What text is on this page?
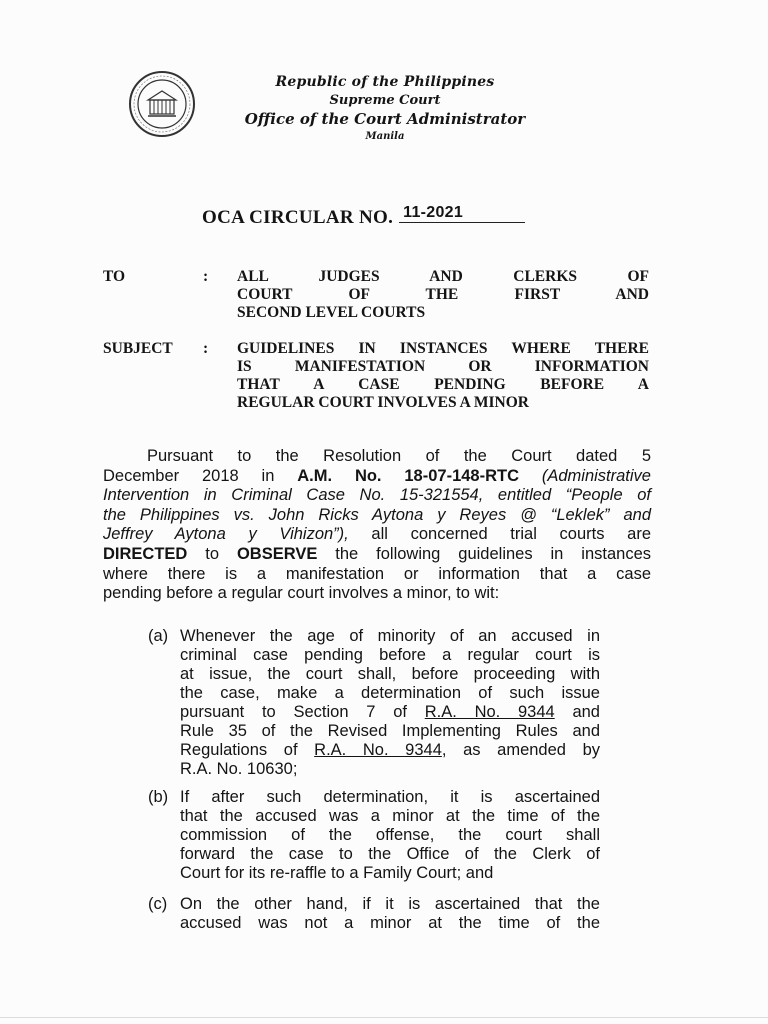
Republic of the Philippines
Supreme Court
Office of the Court Administrator
Manila
OCA CIRCULAR NO. 11-2021
TO	: ALL JUDGES AND CLERKS OF
COURT OF THE FIRST AND
SECOND LEVEL COURTS
SUBJECT : GUIDELINES IN INSTANCES WHERE THERE
IS MANIFESTATION OR INFORMATION
THAT A CASE PENDING BEFORE A
REGULAR COURT INVOLVES A MINOR
Pursuant to the Resolution of the Court dated 5
December 2018 in A.M. No. 18-07-148-RTC (Administrative
Intervention in Criminal Case No. 15-321554, entitled “People of
the Philippines vs. John Ricks Aytona y Reyes @ “Leklek” and
Jeffrey Aytona y Vihizon”), all concerned trial courts are
DIRECTED to OBSERVE the following guidelines in instances
where there is a manifestation or information that a case
pending before a regular court involves a minor, to wit:
(a) Whenever the age of minority of an accused in
criminal case pending before a regular court is
at issue, the court shall, before proceeding with
the case, make a determination of such issue
pursuant to Section 7 of R.A. No. 9344 and
Rule 35 of the Revised Implementing Rules and
Regulations of R.A. No. 9344, as amended by
R.A. No. 10630;
(b) If after such determination, it is ascertained
that the accused was a minor at the time of the
commission of the offense, the court shall
forward the case to the Office of the Clerk of
Court for its re-raffle to a Family Court; and
(c) On the other hand, if it is ascertained that the
accused was not a minor at the time of the
